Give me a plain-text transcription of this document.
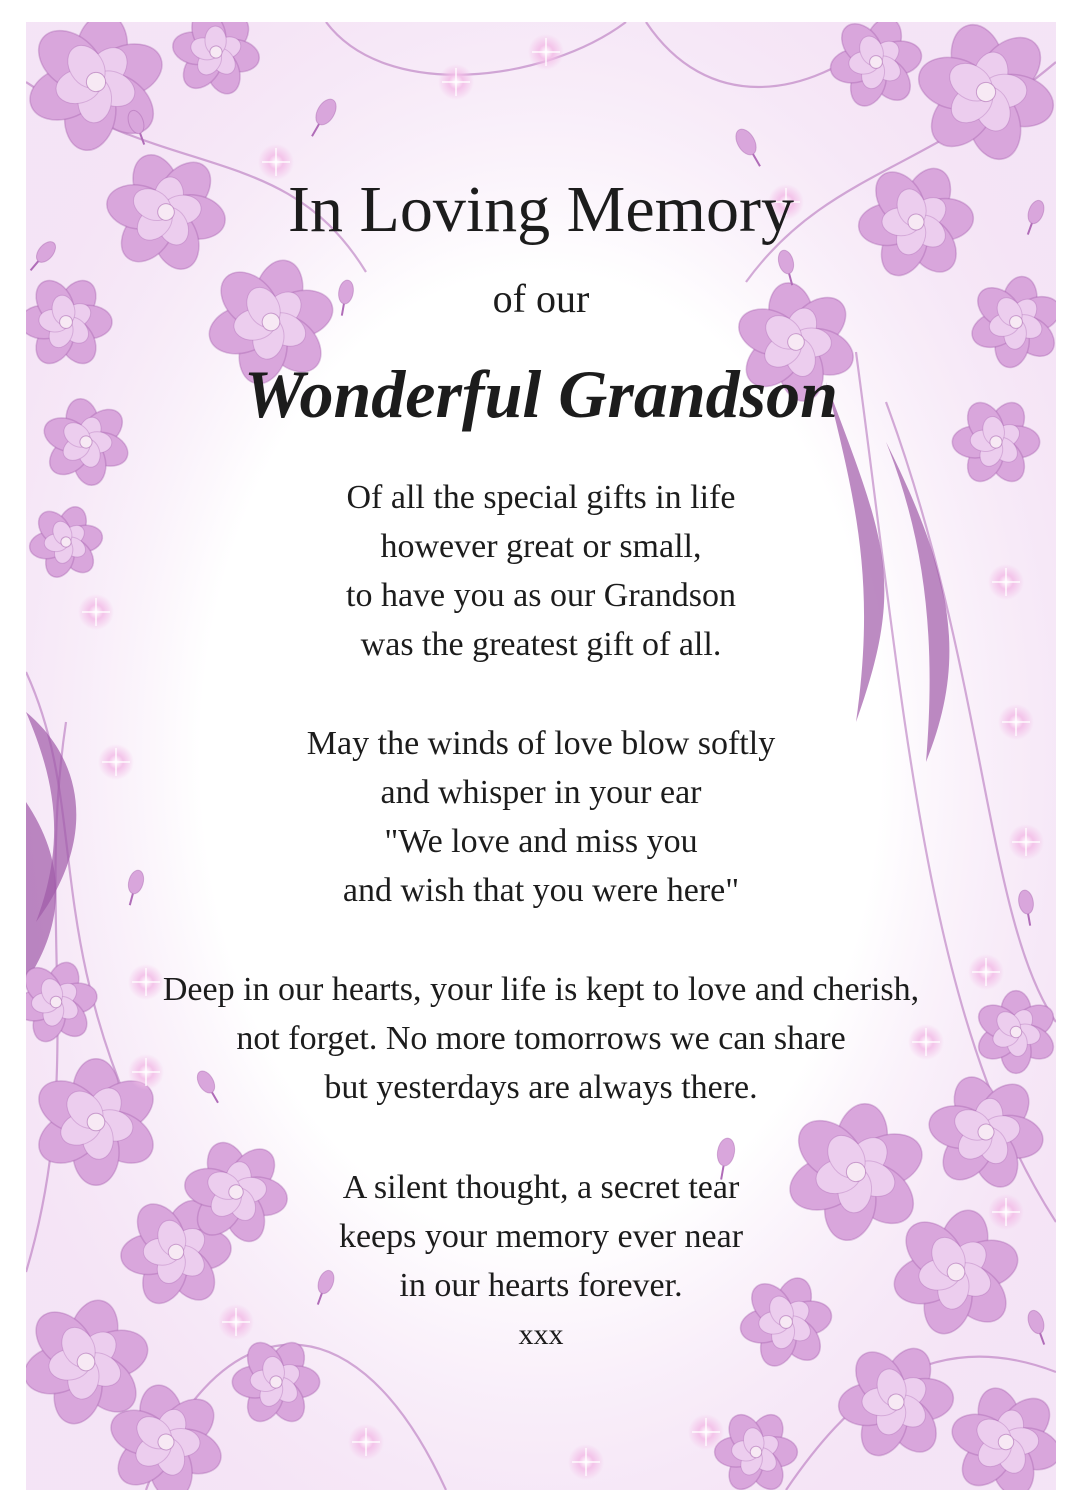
In Loving Memory
of our
Wonderful Grandson
Of all the special gifts in life
however great or small,
to have you as our Grandson
was the greatest gift of all.
May the winds of love blow softly
and whisper in your ear
"We love and miss you
and wish that you were here"
Deep in our hearts, your life is kept to love and cherish,
not forget. No more tomorrows we can share
but yesterdays are always there.
A silent thought, a secret tear
keeps your memory ever near
in our hearts forever.
xxx
